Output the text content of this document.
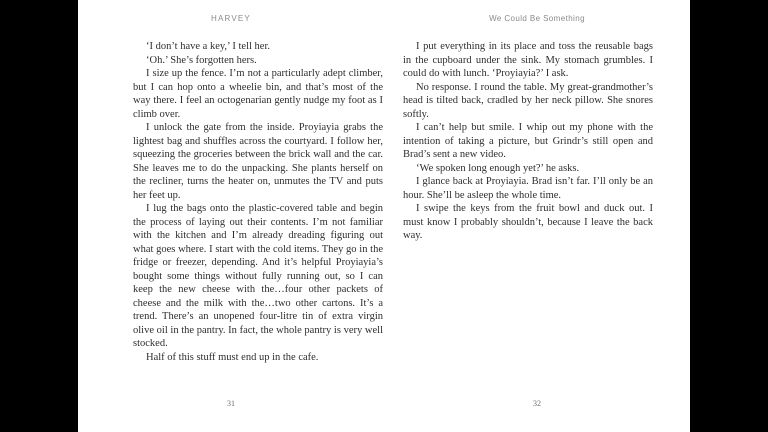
HARVEY

‘I don’t have a key,’ I tell her.

‘Oh.’ She’s forgotten hers.

I size up the fence. I’m not a particularly adept climber, but I can hop onto a wheelie bin, and that’s most of the way there. I feel an octogenarian gently nudge my foot as I climb over.

I unlock the gate from the inside. Proyiayia grabs the lightest bag and shuffles across the courtyard. I follow her, squeezing the groceries between the brick wall and the car. She leaves me to do the unpacking. She plants herself on the recliner, turns the heater on, unmutes the TV and puts her feet up.

I lug the bags onto the plastic-covered table and begin the process of laying out their contents. I’m not familiar with the kitchen and I’m already dreading figuring out what goes where. I start with the cold items. They go in the fridge or freezer, depending. And it’s helpful Proyiayia’s bought some things without fully running out, so I can keep the new cheese with the…four other packets of cheese and the milk with the…two other cartons. It’s a trend. There’s an unopened four-litre tin of extra virgin olive oil in the pantry. In fact, the whole pantry is very well stocked.

Half of this stuff must end up in the cafe.

31
We Could Be Something

I put everything in its place and toss the reusable bags in the cupboard under the sink. My stomach grumbles. I could do with lunch. ‘Proyiayia?’ I ask.

No response. I round the table. My great-grandmother’s head is tilted back, cradled by her neck pillow. She snores softly.

I can’t help but smile. I whip out my phone with the intention of taking a picture, but Grindr’s still open and Brad’s sent a new video.

‘We spoken long enough yet?’ he asks.

I glance back at Proyiayia. Brad isn’t far. I’ll only be an hour. She’ll be asleep the whole time.

I swipe the keys from the fruit bowl and duck out. I must know I probably shouldn’t, because I leave the back way.

32
